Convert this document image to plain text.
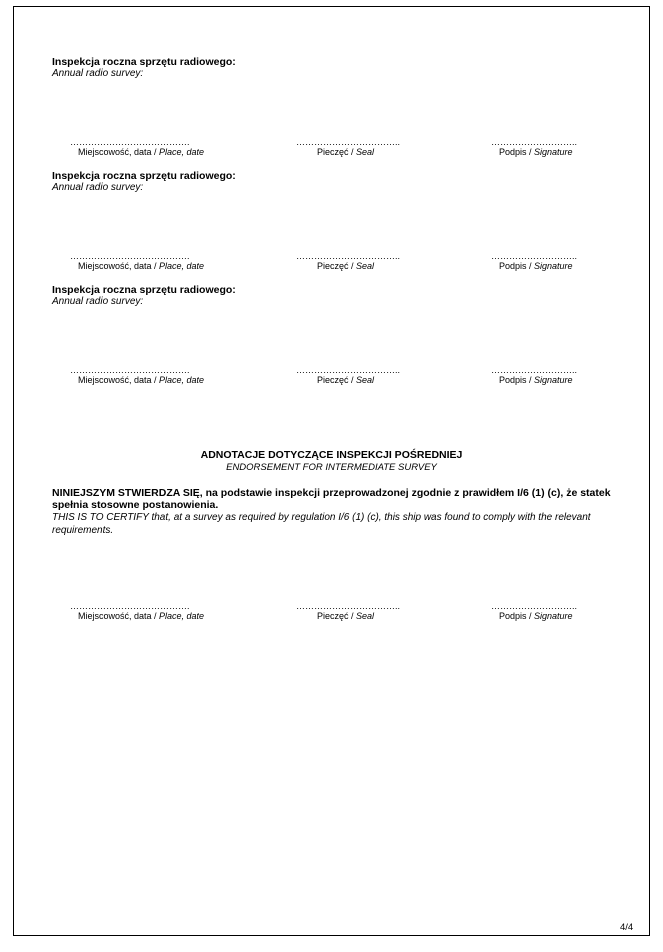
Inspekcja roczna sprzętu radiowego:
Annual radio survey:
………………………………….	……………………………..	………………………..
Miejscowość, data / Place, date	Pieczęć / Seal	Podpis / Signature
Inspekcja roczna sprzętu radiowego:
Annual radio survey:
………………………………….	……………………………..	………………………..
Miejscowość, data / Place, date	Pieczęć / Seal	Podpis / Signature
Inspekcja roczna sprzętu radiowego:
Annual radio survey:
………………………………….	……………………………..	………………………..
Miejscowość, data / Place, date	Pieczęć / Seal	Podpis / Signature
ADNOTACJE DOTYCZĄCE INSPEKCJI POŚREDNIEJ
ENDORSEMENT FOR INTERMEDIATE SURVEY
NINIEJSZYM STWIERDZA SIĘ, na podstawie inspekcji przeprowadzonej zgodnie z prawidłem I/6 (1) (c), że statek spełnia stosowne postanowienia.
THIS IS TO CERTIFY that, at a survey as required by regulation I/6 (1) (c), this ship was found to comply with the relevant requirements.
………………………………….	……………………………..	………………………..
Miejscowość, data / Place, date	Pieczęć / Seal	Podpis / Signature
4/4
